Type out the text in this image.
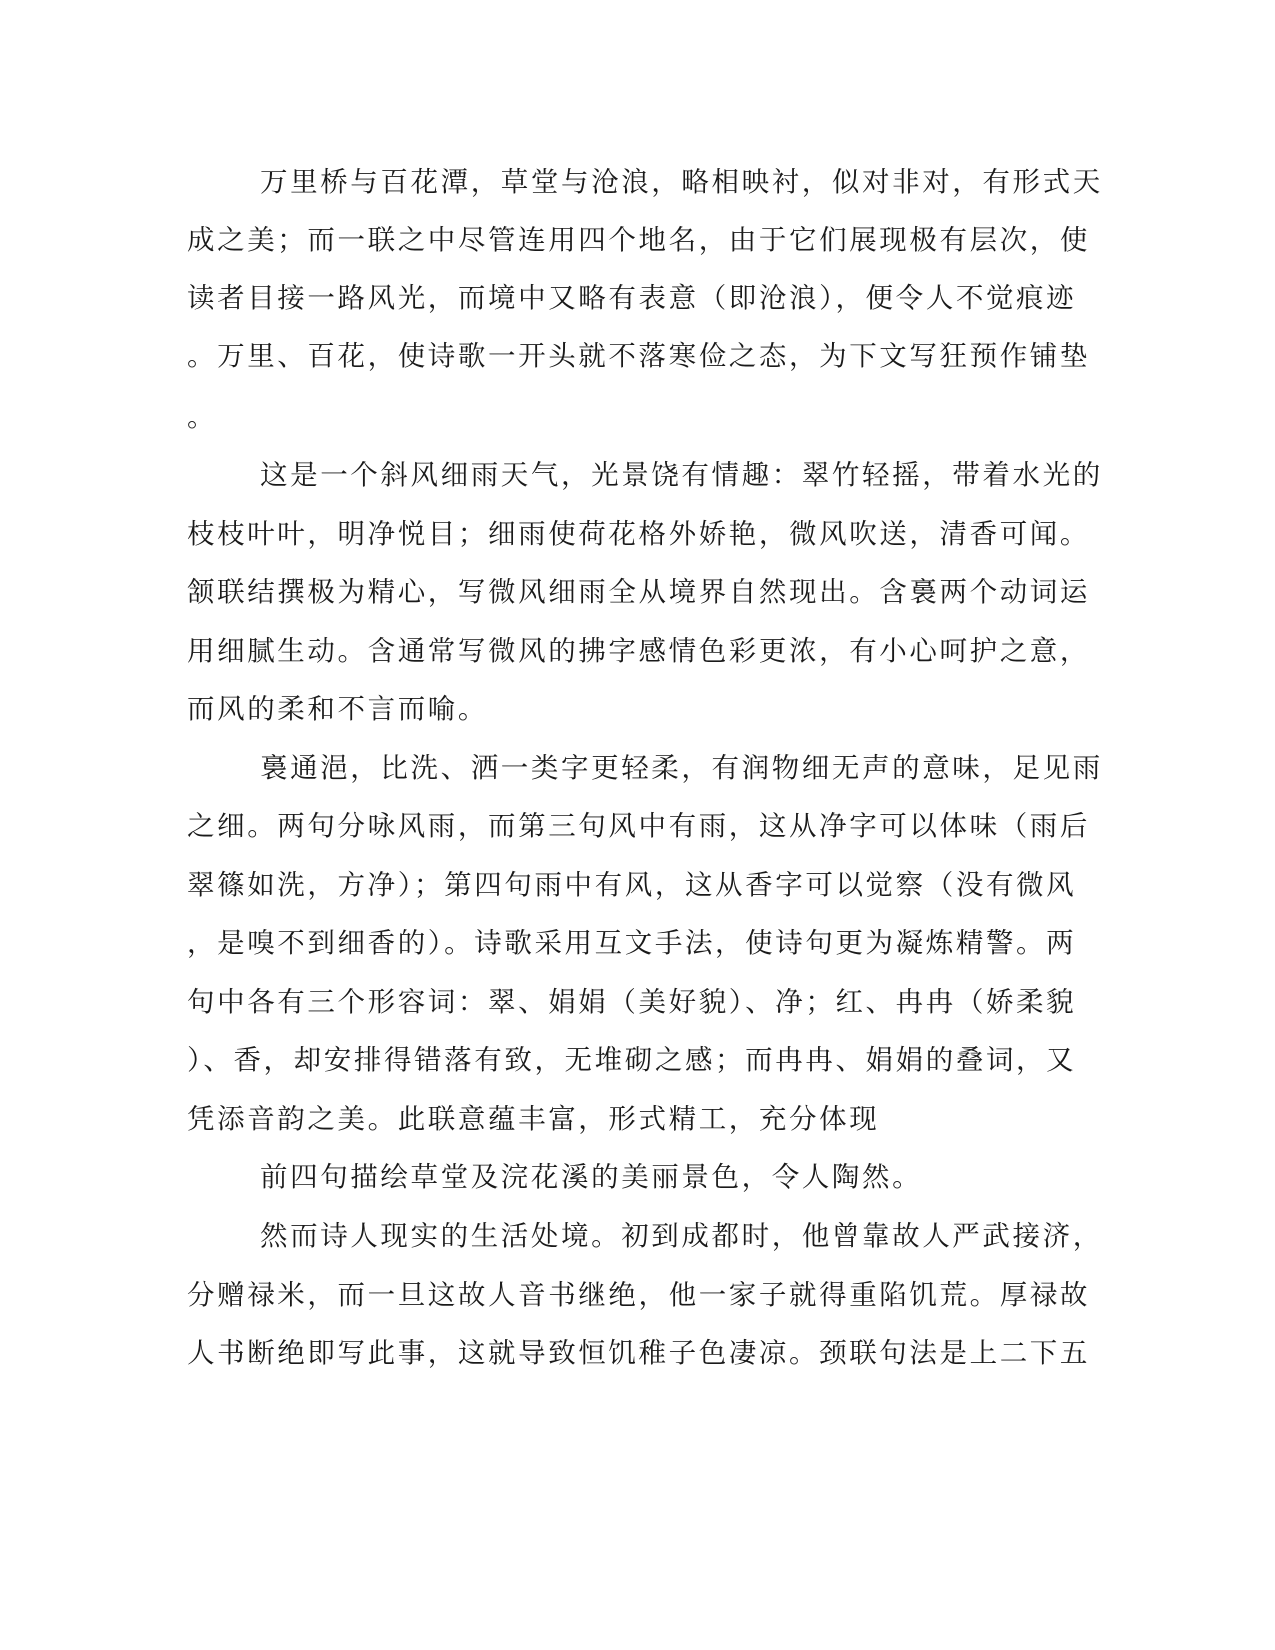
万里桥与百花潭，草堂与沧浪，略相映衬，似对非对，有形式天
成之美；而一联之中尽管连用四个地名，由于它们展现极有层次，使
读者目接一路风光，而境中又略有表意（即沧浪），便令人不觉痕迹
。万里、百花，使诗歌一开头就不落寒俭之态，为下文写狂预作铺垫
。
这是一个斜风细雨天气，光景饶有情趣：翠竹轻摇，带着水光的
枝枝叶叶，明净悦目；细雨使荷花格外娇艳，微风吹送，清香可闻。
颔联结撰极为精心，写微风细雨全从境界自然现出。含裛两个动词运
用细腻生动。含通常写微风的拂字感情色彩更浓，有小心呵护之意，
而风的柔和不言而喻。
裛通浥，比洗、洒一类字更轻柔，有润物细无声的意味，足见雨
之细。两句分咏风雨，而第三句风中有雨，这从净字可以体味（雨后
翠篠如洗，方净）；第四句雨中有风，这从香字可以觉察（没有微风
，是嗅不到细香的）。诗歌采用互文手法，使诗句更为凝炼精警。两
句中各有三个形容词：翠、娟娟（美好貌）、净；红、冉冉（娇柔貌
）、香，却安排得错落有致，无堆砌之感；而冉冉、娟娟的叠词，又
凭添音韵之美。此联意蕴丰富，形式精工，充分体现
前四句描绘草堂及浣花溪的美丽景色，令人陶然。
然而诗人现实的生活处境。初到成都时，他曾靠故人严武接济，
分赠禄米，而一旦这故人音书继绝，他一家子就得重陷饥荒。厚禄故
人书断绝即写此事，这就导致恒饥稚子色凄凉。颈联句法是上二下五
